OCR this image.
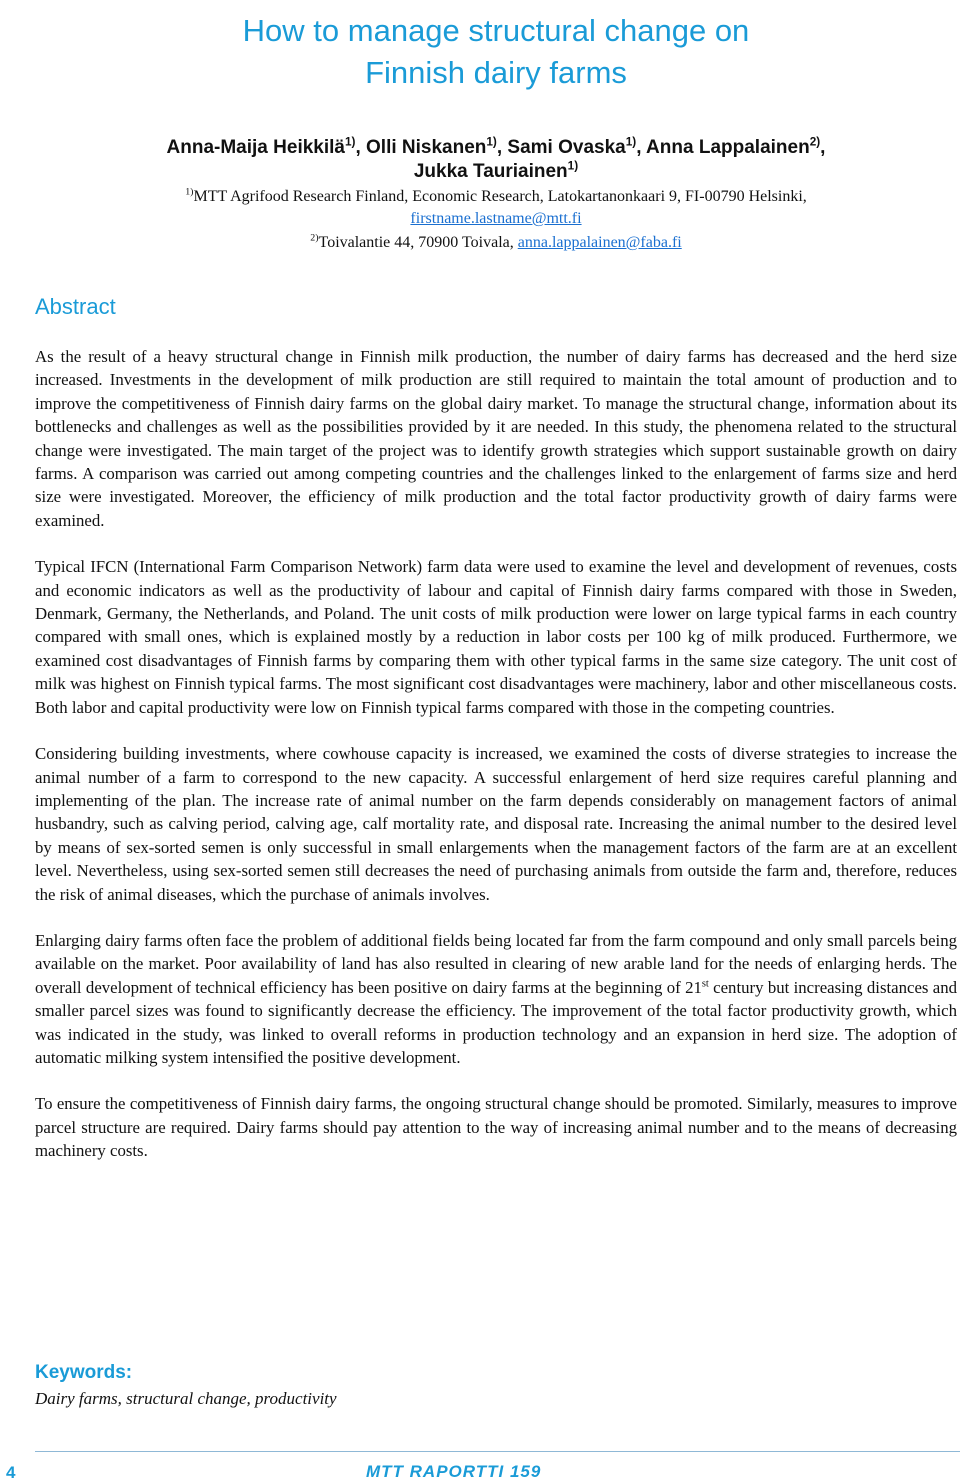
How to manage structural change on
Finnish dairy farms
Anna-Maija Heikkilä$^{1)}$, Olli Niskanen$^{1)}$, Sami Ovaska$^{1)}$, Anna Lappalainen$^{2)}$,
Jukka Tauriainen$^{1)}$
$^{1)}$MTT Agrifood Research Finland, Economic Research, Latokartanonkaari 9, FI-00790 Helsinki,
firstname.lastname@mtt.fi
$^{2)}$Toivalantie 44, 70900 Toivala, anna.lappalainen@faba.fi
Abstract

As the result of a heavy structural change in Finnish milk production, the number of dairy farms has decreased and the herd size increased. Investments in the development of milk production are still required to maintain the total amount of production and to improve the competitiveness of Finnish dairy farms on the global dairy market. To manage the structural change, information about its bottlenecks and challenges as well as the possibilities provided by it are needed. In this study, the phenomena related to the structural change were investigated. The main target of the project was to identify growth strategies which support sustainable growth on dairy farms. A comparison was carried out among competing countries and the challenges linked to the enlargement of farms size and herd size were investigated. Moreover, the efficiency of milk production and the total factor productivity growth of dairy farms were examined.

Typical IFCN (International Farm Comparison Network) farm data were used to examine the level and development of revenues, costs and economic indicators as well as the productivity of labour and capital of Finnish dairy farms compared with those in Sweden, Denmark, Germany, the Netherlands, and Poland. The unit costs of milk production were lower on large typical farms in each country compared with small ones, which is explained mostly by a reduction in labor costs per 100 kg of milk produced. Furthermore, we examined cost disadvantages of Finnish farms by comparing them with other typical farms in the same size category. The unit cost of milk was highest on Finnish typical farms. The most significant cost disadvantages were machinery, labor and other miscellaneous costs. Both labor and capital productivity were low on Finnish typical farms compared with those in the competing countries.

Considering building investments, where cowhouse capacity is increased, we examined the costs of diverse strategies to increase the animal number of a farm to correspond to the new capacity. A successful enlargement of herd size requires careful planning and implementing of the plan. The increase rate of animal number on the farm depends considerably on management factors of animal husbandry, such as calving period, calving age, calf mortality rate, and disposal rate. Increasing the animal number to the desired level by means of sex-sorted semen is only successful in small enlargements when the management factors of the farm are at an excellent level. Nevertheless, using sex-sorted semen still decreases the need of purchasing animals from outside the farm and, therefore, reduces the risk of animal diseases, which the purchase of animals involves.

Enlarging dairy farms often face the problem of additional fields being located far from the farm compound and only small parcels being available on the market. Poor availability of land has also resulted in clearing of new arable land for the needs of enlarging herds. The overall development of technical efficiency has been positive on dairy farms at the beginning of 21st century but increasing distances and smaller parcel sizes was found to significantly decrease the efficiency. The improvement of the total factor productivity growth, which was indicated in the study, was linked to overall reforms in production technology and an expansion in herd size. The adoption of automatic milking system intensified the positive development.

To ensure the competitiveness of Finnish dairy farms, the ongoing structural change should be promoted. Similarly, measures to improve parcel structure are required. Dairy farms should pay attention to the way of increasing animal number and to the means of decreasing machinery costs.

Keywords:
Dairy farms, structural change, productivity
4	MTT RAPORTTI 159
